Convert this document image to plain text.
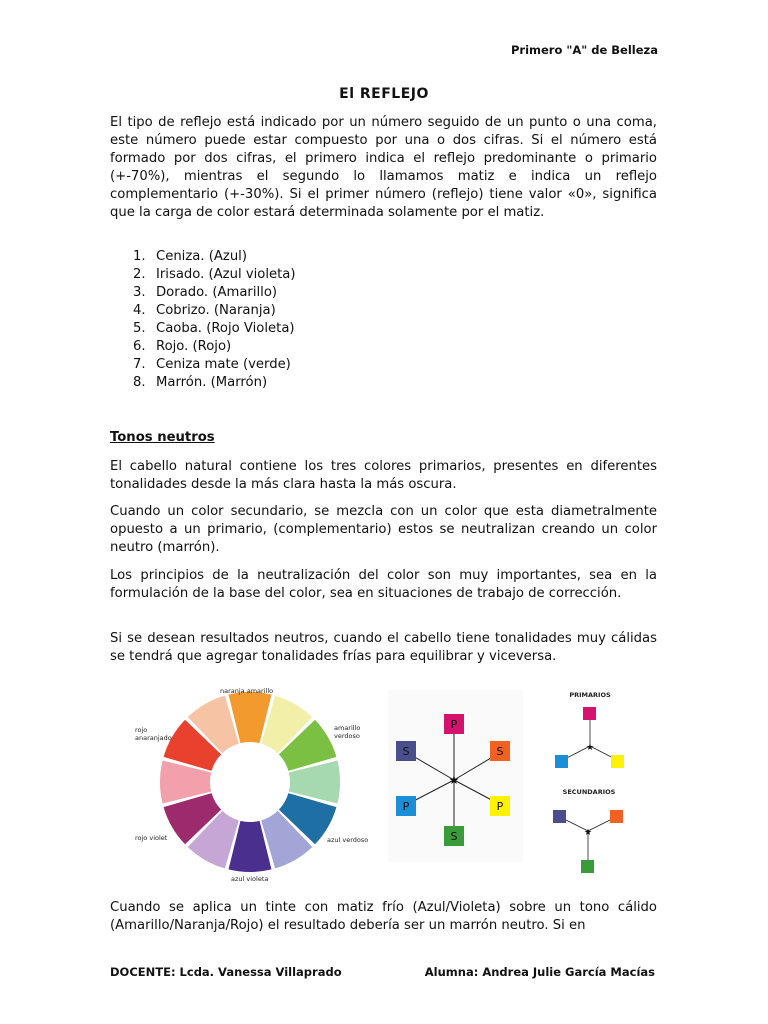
Primero "A" de Belleza
El REFLEJO

El tipo de reflejo está indicado por un número seguido de un punto o una coma, este número puede estar compuesto por una o dos cifras. Si el número está formado por dos cifras, el primero indica el reflejo predominante o primario (+-70%), mientras el segundo lo llamamos matiz e indica un reflejo complementario (+-30%). Si el primer número (reflejo) tiene valor «0», significa que la carga de color estará determinada solamente por el matiz.

1. Ceniza. (Azul)
2. Irisado. (Azul violeta)
3. Dorado. (Amarillo)
4. Cobrizo. (Naranja)
5. Caoba. (Rojo Violeta)
6. Rojo. (Rojo)
7. Ceniza mate (verde)
8. Marrón. (Marrón)
Tonos neutros

El cabello natural contiene los tres colores primarios, presentes en diferentes tonalidades desde la más clara hasta la más oscura.

Cuando un color secundario, se mezcla con un color que esta diametralmente opuesto a un primario, (complementario) estos se neutralizan creando un color neutro (marrón).

Los principios de la neutralización del color son muy importantes, sea en la formulación de la base del color, sea en situaciones de trabajo de corrección.

Si se desean resultados neutros, cuando el cabello tiene tonalidades muy cálidas se tendrá que agregar tonalidades frías para equilibrar y viceversa.

naranja amarillo
amarillo
verdoso
rojo
anaranjado
rojo violet	azul verdoso
azul violeta
★
P
S
P
S
P
S
PRIMARIOS
SECUNDARIOS
★
★

Cuando se aplica un tinte con matiz frío (Azul/Violeta) sobre un tono cálido (Amarillo/Naranja/Rojo) el resultado debería ser un marrón neutro. Si en

DOCENTE: Lcda. Vanessa Villaprado	Alumna: Andrea Julie García Macías
